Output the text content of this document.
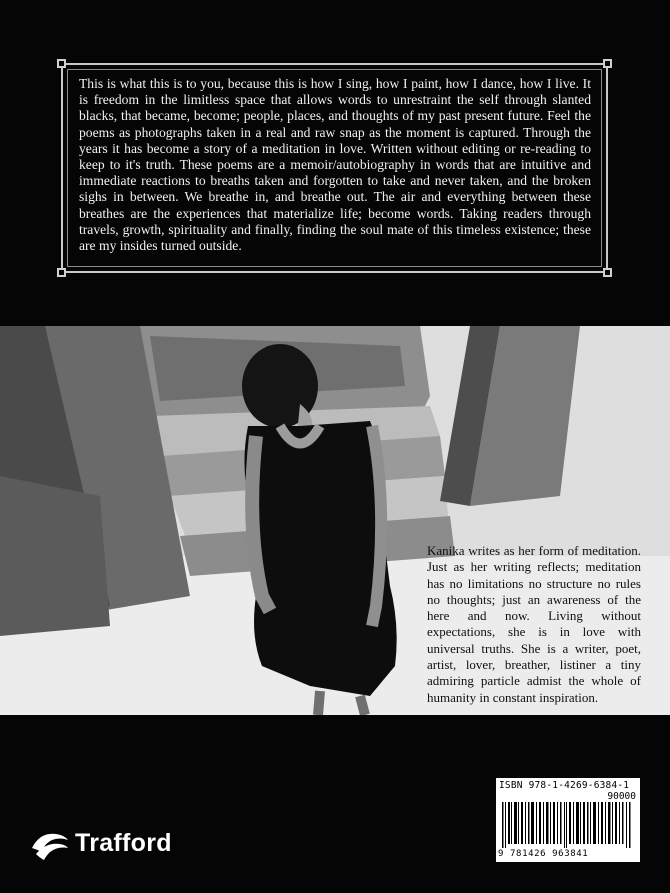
This is what this is to you, because this is how I sing, how I paint, how I dance, how I live. It is freedom in the limitless space that allows words to unrestraint the self through slanted blacks, that became, become; people, places, and thoughts of my past present future. Feel the poems as photographs taken in a real and raw snap as the moment is captured. Through the years it has become a story of a meditation in love. Written without editing or re-reading to keep to it's truth. These poems are a memoir/autobiography in words that are intuitive and immediate reactions to breaths taken and forgotten to take and never taken, and the broken sighs in between. We breathe in, and breathe out. The air and everything between these breathes are the experiences that materialize life; become words. Taking readers through travels, growth, spirituality and finally, finding the soul mate of this timeless existence; these are my insides turned outside.

Kanika writes as her form of meditation. Just as her writing reflects; meditation has no limitations no structure no rules no thoughts; just an awareness of the here and now. Living without expectations, she is in love with universal truths. She is a writer, poet, artist, lover, breather, listiner a tiny admiring particle admist the whole of humanity in constant inspiration.

ISBN 978-1-4269-6384-1
90000
9 781426 963841
Trafford
